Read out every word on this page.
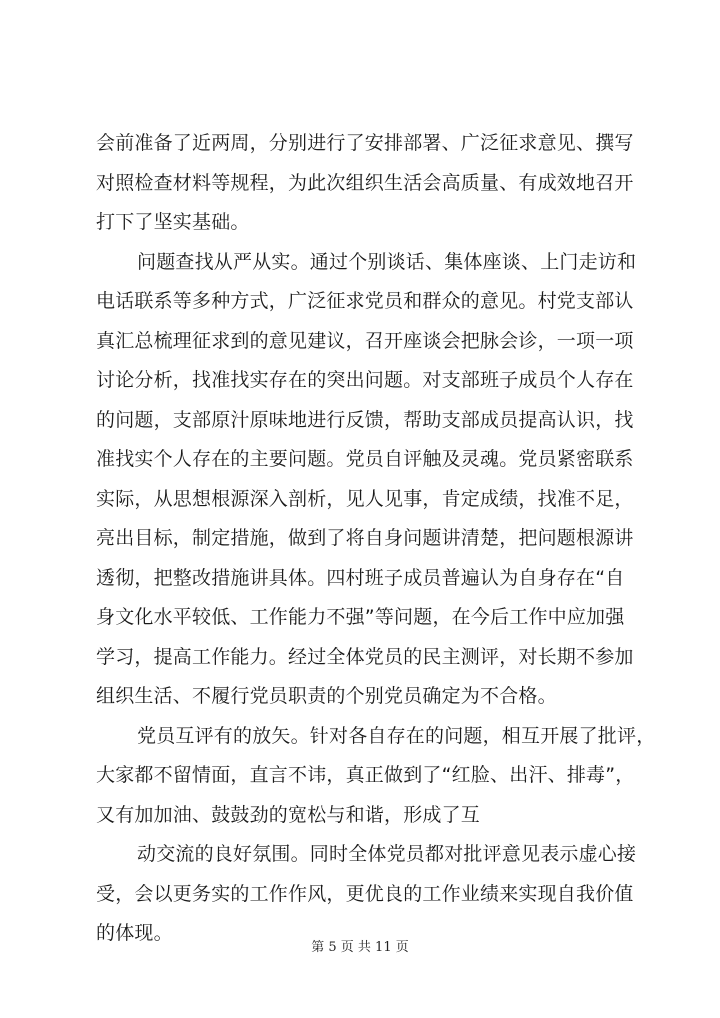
会前准备了近两周，分别进行了安排部署、广泛征求意见、撰写
对照检查材料等规程，为此次组织生活会高质量、有成效地召开
打下了坚实基础。
问题查找从严从实。通过个别谈话、集体座谈、上门走访和
电话联系等多种方式，广泛征求党员和群众的意见。村党支部认
真汇总梳理征求到的意见建议，召开座谈会把脉会诊，一项一项
讨论分析，找准找实存在的突出问题。对支部班子成员个人存在
的问题，支部原汁原味地进行反馈，帮助支部成员提高认识，找
准找实个人存在的主要问题。党员自评触及灵魂。党员紧密联系
实际，从思想根源深入剖析，见人见事，肯定成绩，找准不足，
亮出目标，制定措施，做到了将自身问题讲清楚，把问题根源讲
透彻，把整改措施讲具体。四村班子成员普遍认为自身存在“自
身文化水平较低、工作能力不强”等问题，在今后工作中应加强
学习，提高工作能力。经过全体党员的民主测评，对长期不参加
组织生活、不履行党员职责的个别党员确定为不合格。
党员互评有的放矢。针对各自存在的问题，相互开展了批评，
大家都不留情面，直言不讳，真正做到了“红脸、出汗、排毒”，
又有加加油、鼓鼓劲的宽松与和谐，形成了互
动交流的良好氛围。同时全体党员都对批评意见表示虚心接
受，会以更务实的工作作风，更优良的工作业绩来实现自我价值
的体现。
第 5 页 共 11 页
